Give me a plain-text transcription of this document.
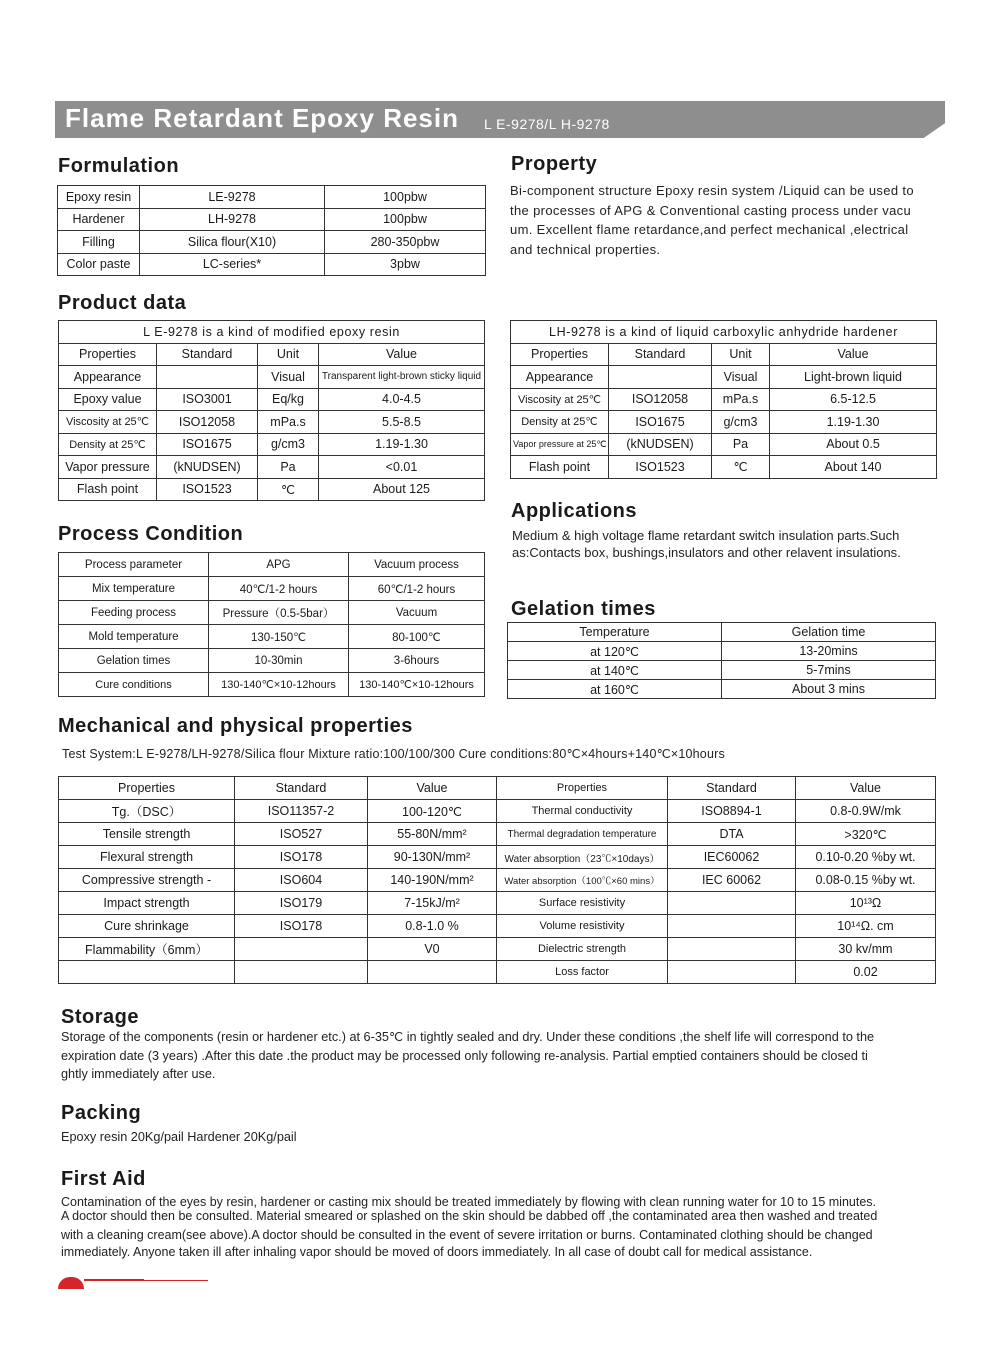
Flame Retardant Epoxy Resin L E-9278/L H-9278
Formulation
Epoxy resin	LE-9278	100pbw
Hardener	LH-9278	100pbw
Filling	Silica flour(X10)	280-350pbw
Color paste	LC-series*	3pbw
Property
Bi-component structure Epoxy resin system /Liquid can be used to
the processes of APG & Conventional casting process under vacu
um. Excellent flame retardance,and perfect mechanical ,electrical
and technical properties.
Product data
L E-9278 is a kind of modified epoxy resin			
Properties	Standard	Unit	Value
Appearance		Visual	Transparent light-brown sticky liquid
Epoxy value	ISO3001	Eq/kg	4.0-4.5
Viscosity at 25℃	ISO12058	mPa.s	5.5-8.5
Density at 25℃	ISO1675	g/cm3	1.19-1.30
Vapor pressure	(kNUDSEN)	Pa	<0.01
Flash point	ISO1523	℃	About 125
LH-9278 is a kind of liquid carboxylic anhydride hardener			
Properties	Standard	Unit	Value
Appearance		Visual	Light-brown liquid
Viscosity at 25℃	ISO12058	mPa.s	6.5-12.5
Density at 25℃	ISO1675	g/cm3	1.19-1.30
Vapor pressure at 25℃	(kNUDSEN)	Pa	About 0.5
Flash point	ISO1523	℃	About 140
Applications
Medium & high voltage flame retardant switch insulation parts.Such
as:Contacts box, bushings,insulators and other relavent insulations.
Process Condition
Process parameter	APG	Vacuum process
Mix temperature	40℃/1-2 hours	60℃/1-2 hours
Feeding process	Pressure（0.5-5bar）	Vacuum
Mold temperature	130-150℃	80-100℃
Gelation times	10-30min	3-6hours
Cure conditions	130-140℃×10-12hours	130-140℃×10-12hours
Gelation times
Temperature	Gelation time
at 120℃	13-20mins
at 140℃	5-7mins
at 160℃	About 3 mins
Mechanical and physical properties
Test System:L E-9278/LH-9278/Silica flour Mixture ratio:100/100/300 Cure conditions:80℃×4hours+140℃×10hours
Properties	Standard	Value	Properties	Standard	Value
Tg.（DSC）	ISO11357-2	100-120℃	Thermal conductivity	ISO8894-1	0.8-0.9W/mk
Tensile strength	ISO527	55-80N/mm²	Thermal degradation temperature	DTA	>320℃
Flexural strength	ISO178	90-130N/mm²	Water absorption（23℃×10days）	IEC60062	0.10-0.20 %by wt.
Compressive strength -	ISO604	140-190N/mm²	Water absorption（100℃×60 mins）	IEC 60062	0.08-0.15 %by wt.
Impact strength	ISO179	7-15kJ/m²	Surface resistivity		10¹³Ω
Cure shrinkage	ISO178	0.8-1.0 %	Volume resistivity		10¹⁴Ω. cm
Flammability（6mm）		V0	Dielectric strength		30 kv/mm
			Loss factor		0.02
Storage
Storage of the components (resin or hardener etc.) at 6-35℃ in tightly sealed and dry. Under these conditions ,the shelf life will correspond to the
expiration date (3 years) .After this date .the product may be processed only following re-analysis. Partial emptied containers should be closed ti
ghtly immediately after use.
Packing
Epoxy resin 20Kg/pail Hardener 20Kg/pail
First Aid
Contamination of the eyes by resin, hardener or casting mix should be treated immediately by flowing with clean running water for 10 to 15 minutes.
A doctor should then be consulted. Material smeared or splashed on the skin should be dabbed off ,the contaminated area then washed and treated
with a cleaning cream(see above).A doctor should be consulted in the event of severe irritation or burns. Contaminated clothing should be changed
immediately. Anyone taken ill after inhaling vapor should be moved of doors immediately. In all case of doubt call for medical assistance.
